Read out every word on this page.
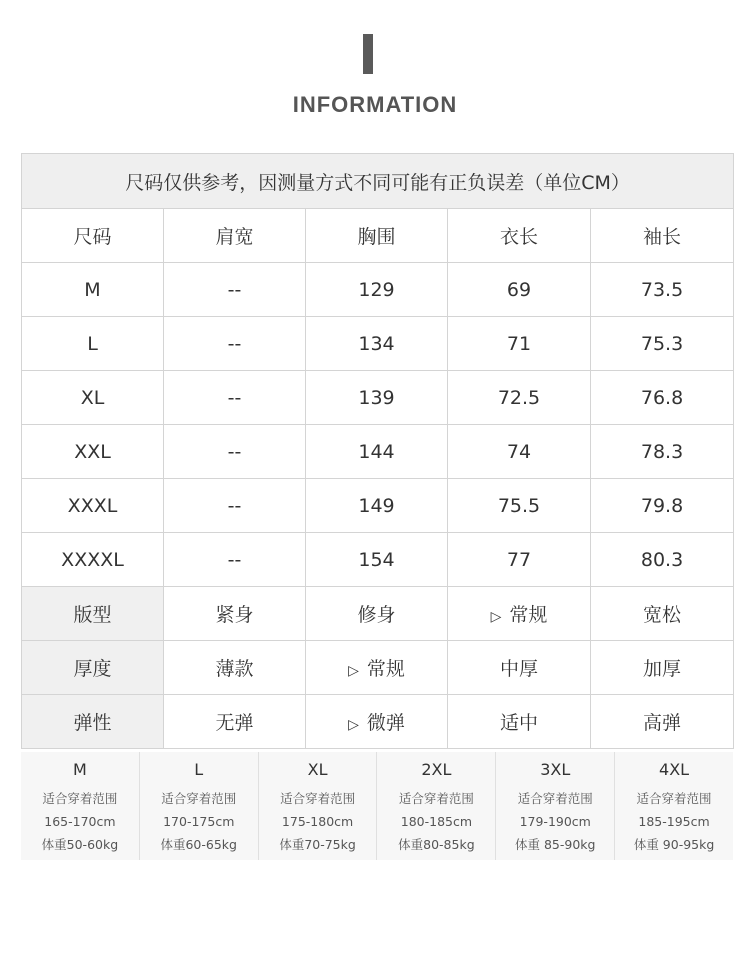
INFORMATION
尺码仅供参考，因测量方式不同可能有正负误差（单位CM）				
尺码	肩宽	胸围	衣长	袖长
M	--	129	69	73.5
L	--	134	71	75.3
XL	--	139	72.5	76.8
XXL	--	144	74	78.3
XXXL	--	149	75.5	79.8
XXXXL	--	154	77	80.3
版型	紧身	修身	▷ 常规	宽松
厚度	薄款	▷ 常规	中厚	加厚
弹性	无弹	▷ 微弹	适中	高弹
M
适合穿着范围
165-170cm
体重50-60kg
L
适合穿着范围
170-175cm
体重60-65kg
XL
适合穿着范围
175-180cm
体重70-75kg
2XL
适合穿着范围
180-185cm
体重80-85kg
3XL
适合穿着范围
179-190cm
体重 85-90kg
4XL
适合穿着范围
185-195cm
体重 90-95kg
